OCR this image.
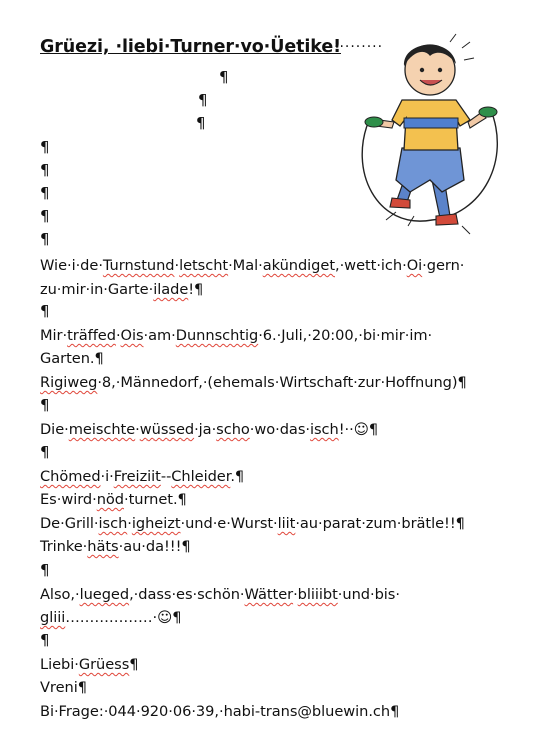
Grüezi, ·liebi·Turner·vo·Üetike!
·········
¶
¶
¶
¶
¶
¶
¶
¶
Wie·i·de·Turnstund·letscht·Mal·akündiget,·wett·ich·Oi·gern·
zu·mir·in·Garte·ilade!¶
¶
Mir·träffed·Ois·am·Dunnschtig·6.·Juli,·20:00,·bi·mir·im·
Garten.¶
Rigiweg·8,·Männedorf,·(ehemals·Wirtschaft·zur·Hoffnung)¶
¶
Die·meischte·wüssed·ja·scho·wo·das·isch!··☺¶
¶
Chömed·i·Freiziit--Chleider.¶
Es·wird·nöd·turnet.¶
De·Grill·isch·igheizt·und·e·Wurst·liit·au·parat·zum·brätle!!¶
Trinke·häts·au·da!!!¶
¶
Also,·lueged,·dass·es·schön·Wätter·bliiibt·und·bis·
gliii………………·☺¶
¶
Liebi·Grüess¶
Vreni¶
Bi·Frage:·044·920·06·39,·habi-trans@bluewin.ch¶
